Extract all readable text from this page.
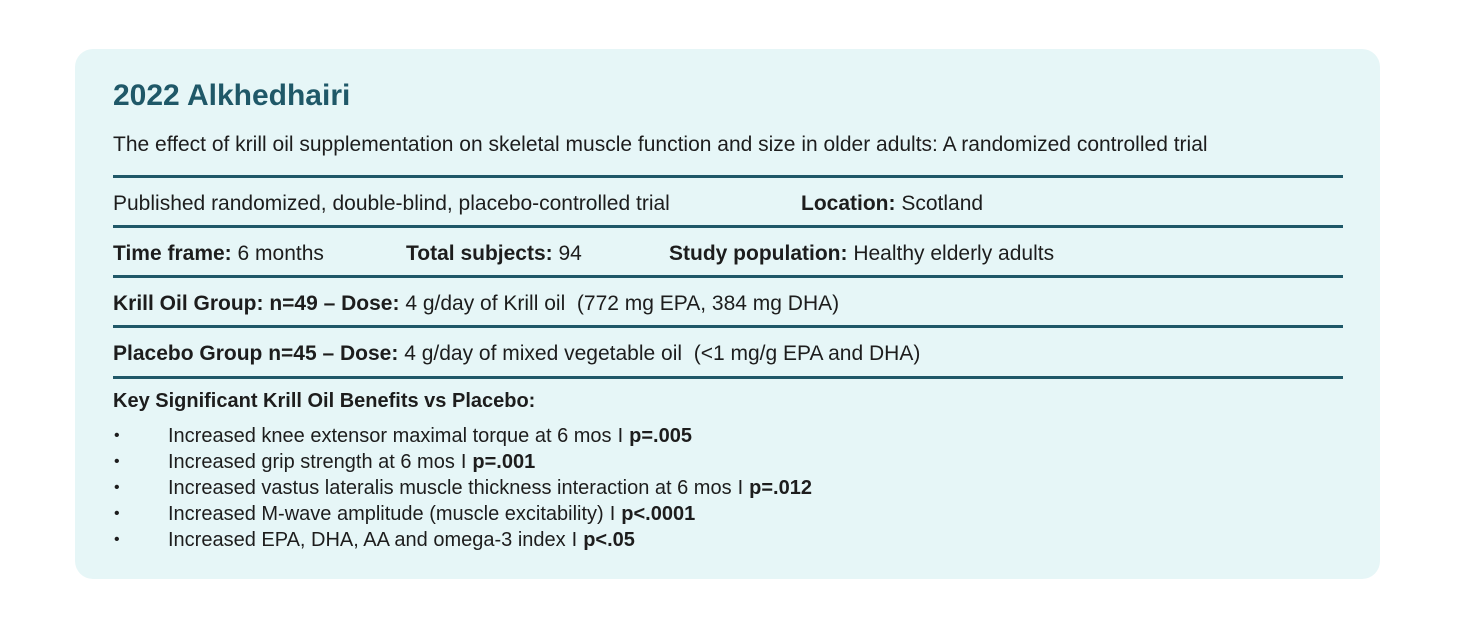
2022 Alkhedhairi
The effect of krill oil supplementation on skeletal muscle function and size in older adults: A randomized controlled trial
Published randomized, double-blind, placebo-controlled trial	Location: Scotland
Time frame: 6 months	Total subjects: 94	Study population: Healthy elderly adults
Krill Oil Group: n=49 – Dose: 4 g/day of Krill oil  (772 mg EPA, 384 mg DHA)
Placebo Group n=45 – Dose: 4 g/day of mixed vegetable oil  (<1 mg/g EPA and DHA)
Key Significant Krill Oil Benefits vs Placebo:
• Increased knee extensor maximal torque at 6 mos I p=.005
• Increased grip strength at 6 mos I p=.001
• Increased vastus lateralis muscle thickness interaction at 6 mos I p=.012
• Increased M-wave amplitude (muscle excitability) I p<.0001
• Increased EPA, DHA, AA and omega-3 index I p<.05
